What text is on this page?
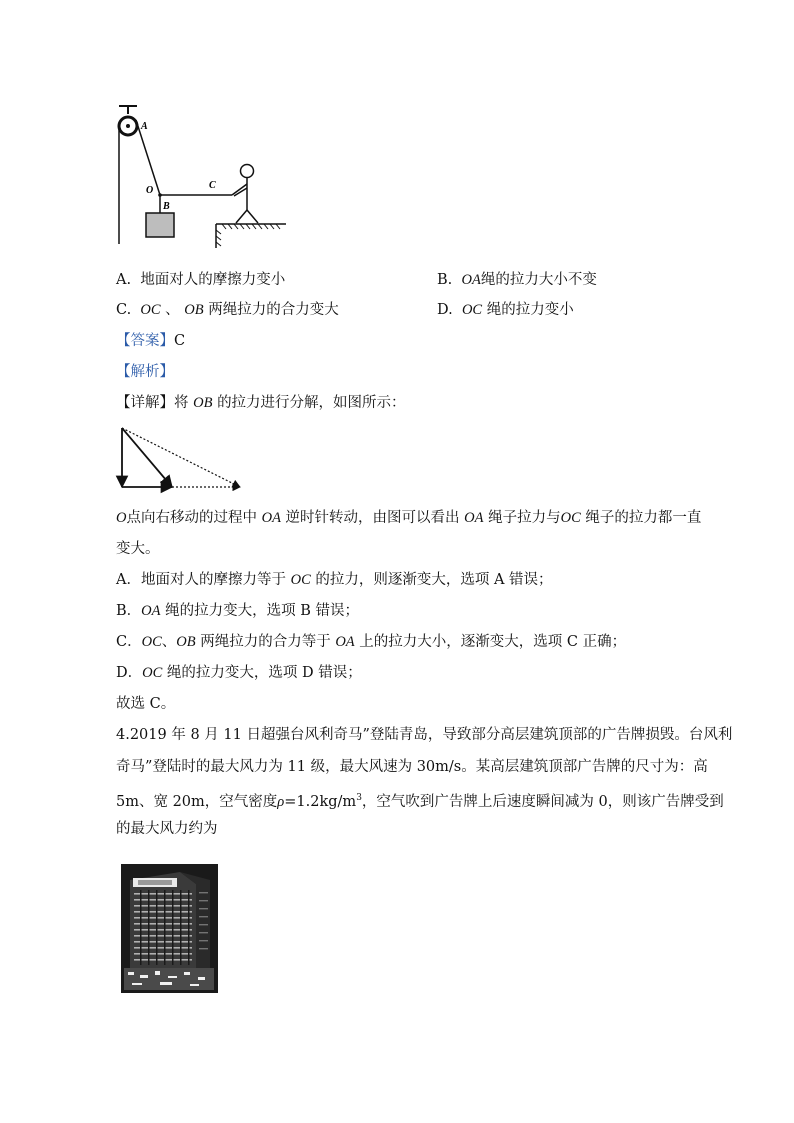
A
O
B
C
A. 地面对人的摩擦力变小	B. OA绳的拉力大小不变
C. OC 、 OB 两绳拉力的合力变大	D. OC 绳的拉力变小
【答案】C
【解析】
【详解】将 OB 的拉力进行分解，如图所示：
O点向右移动的过程中 OA 逆时针转动，由图可以看出 OA 绳子拉力与OC 绳子的拉力都一直
变大。
A．地面对人的摩擦力等于 OC 的拉力，则逐渐变大，选项 A 错误；
B．OA 绳的拉力变大，选项 B 错误；
C．OC、OB 两绳拉力的合力等于 OA 上的拉力大小，逐渐变大，选项 C 正确；
D．OC 绳的拉力变大，选项 D 错误；
故选 C。
4.2019 年 8 月 11 日超强台风利奇马”登陆青岛，导致部分高层建筑顶部的广告牌损毁。台风利
奇马”登陆时的最大风力为 11 级，最大风速为 30m/s。某高层建筑顶部广告牌的尺寸为：高
5m、宽 20m，空气密度$\rho=1.2kg/m^3$，空气吹到广告牌上后速度瞬间减为 0，则该广告牌受到
的最大风力约为
